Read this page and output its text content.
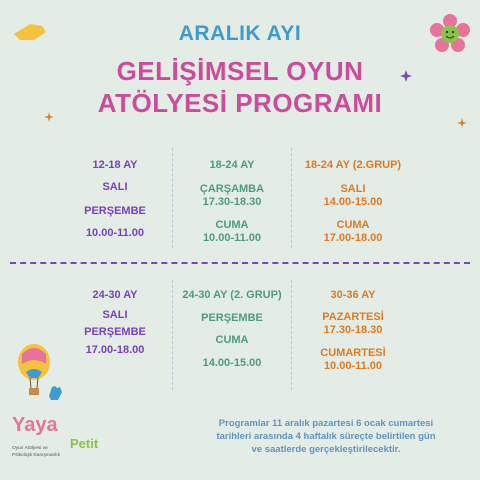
ARALIK AYI
GELİŞİMSEL OYUN
ATÖLYESİ PROGRAMI
12-18 AY
SALI
PERŞEMBE
10.00-11.00
18-24 AY
ÇARŞAMBA
17.30-18.30
CUMA
10.00-11.00
18-24 AY (2.GRUP)
SALI
14.00-15.00
CUMA
17.00-18.00
24-30 AY
SALI
PERŞEMBE
17.00-18.00
24-30 AY (2. GRUP)
PERŞEMBE
CUMA
14.00-15.00
30-36 AY
PAZARTESİ
17.30-18.30
CUMARTESİ
10.00-11.00
Yaya
Petit
Oyun Atölyesi ve
Psikolojik Danışmanlık
Programlar 11 aralık pazartesi 6 ocak cumartesi
tarihleri arasında 4 haftalık süreçte belirtilen gün
ve saatlerde gerçekleştirilecektir.
